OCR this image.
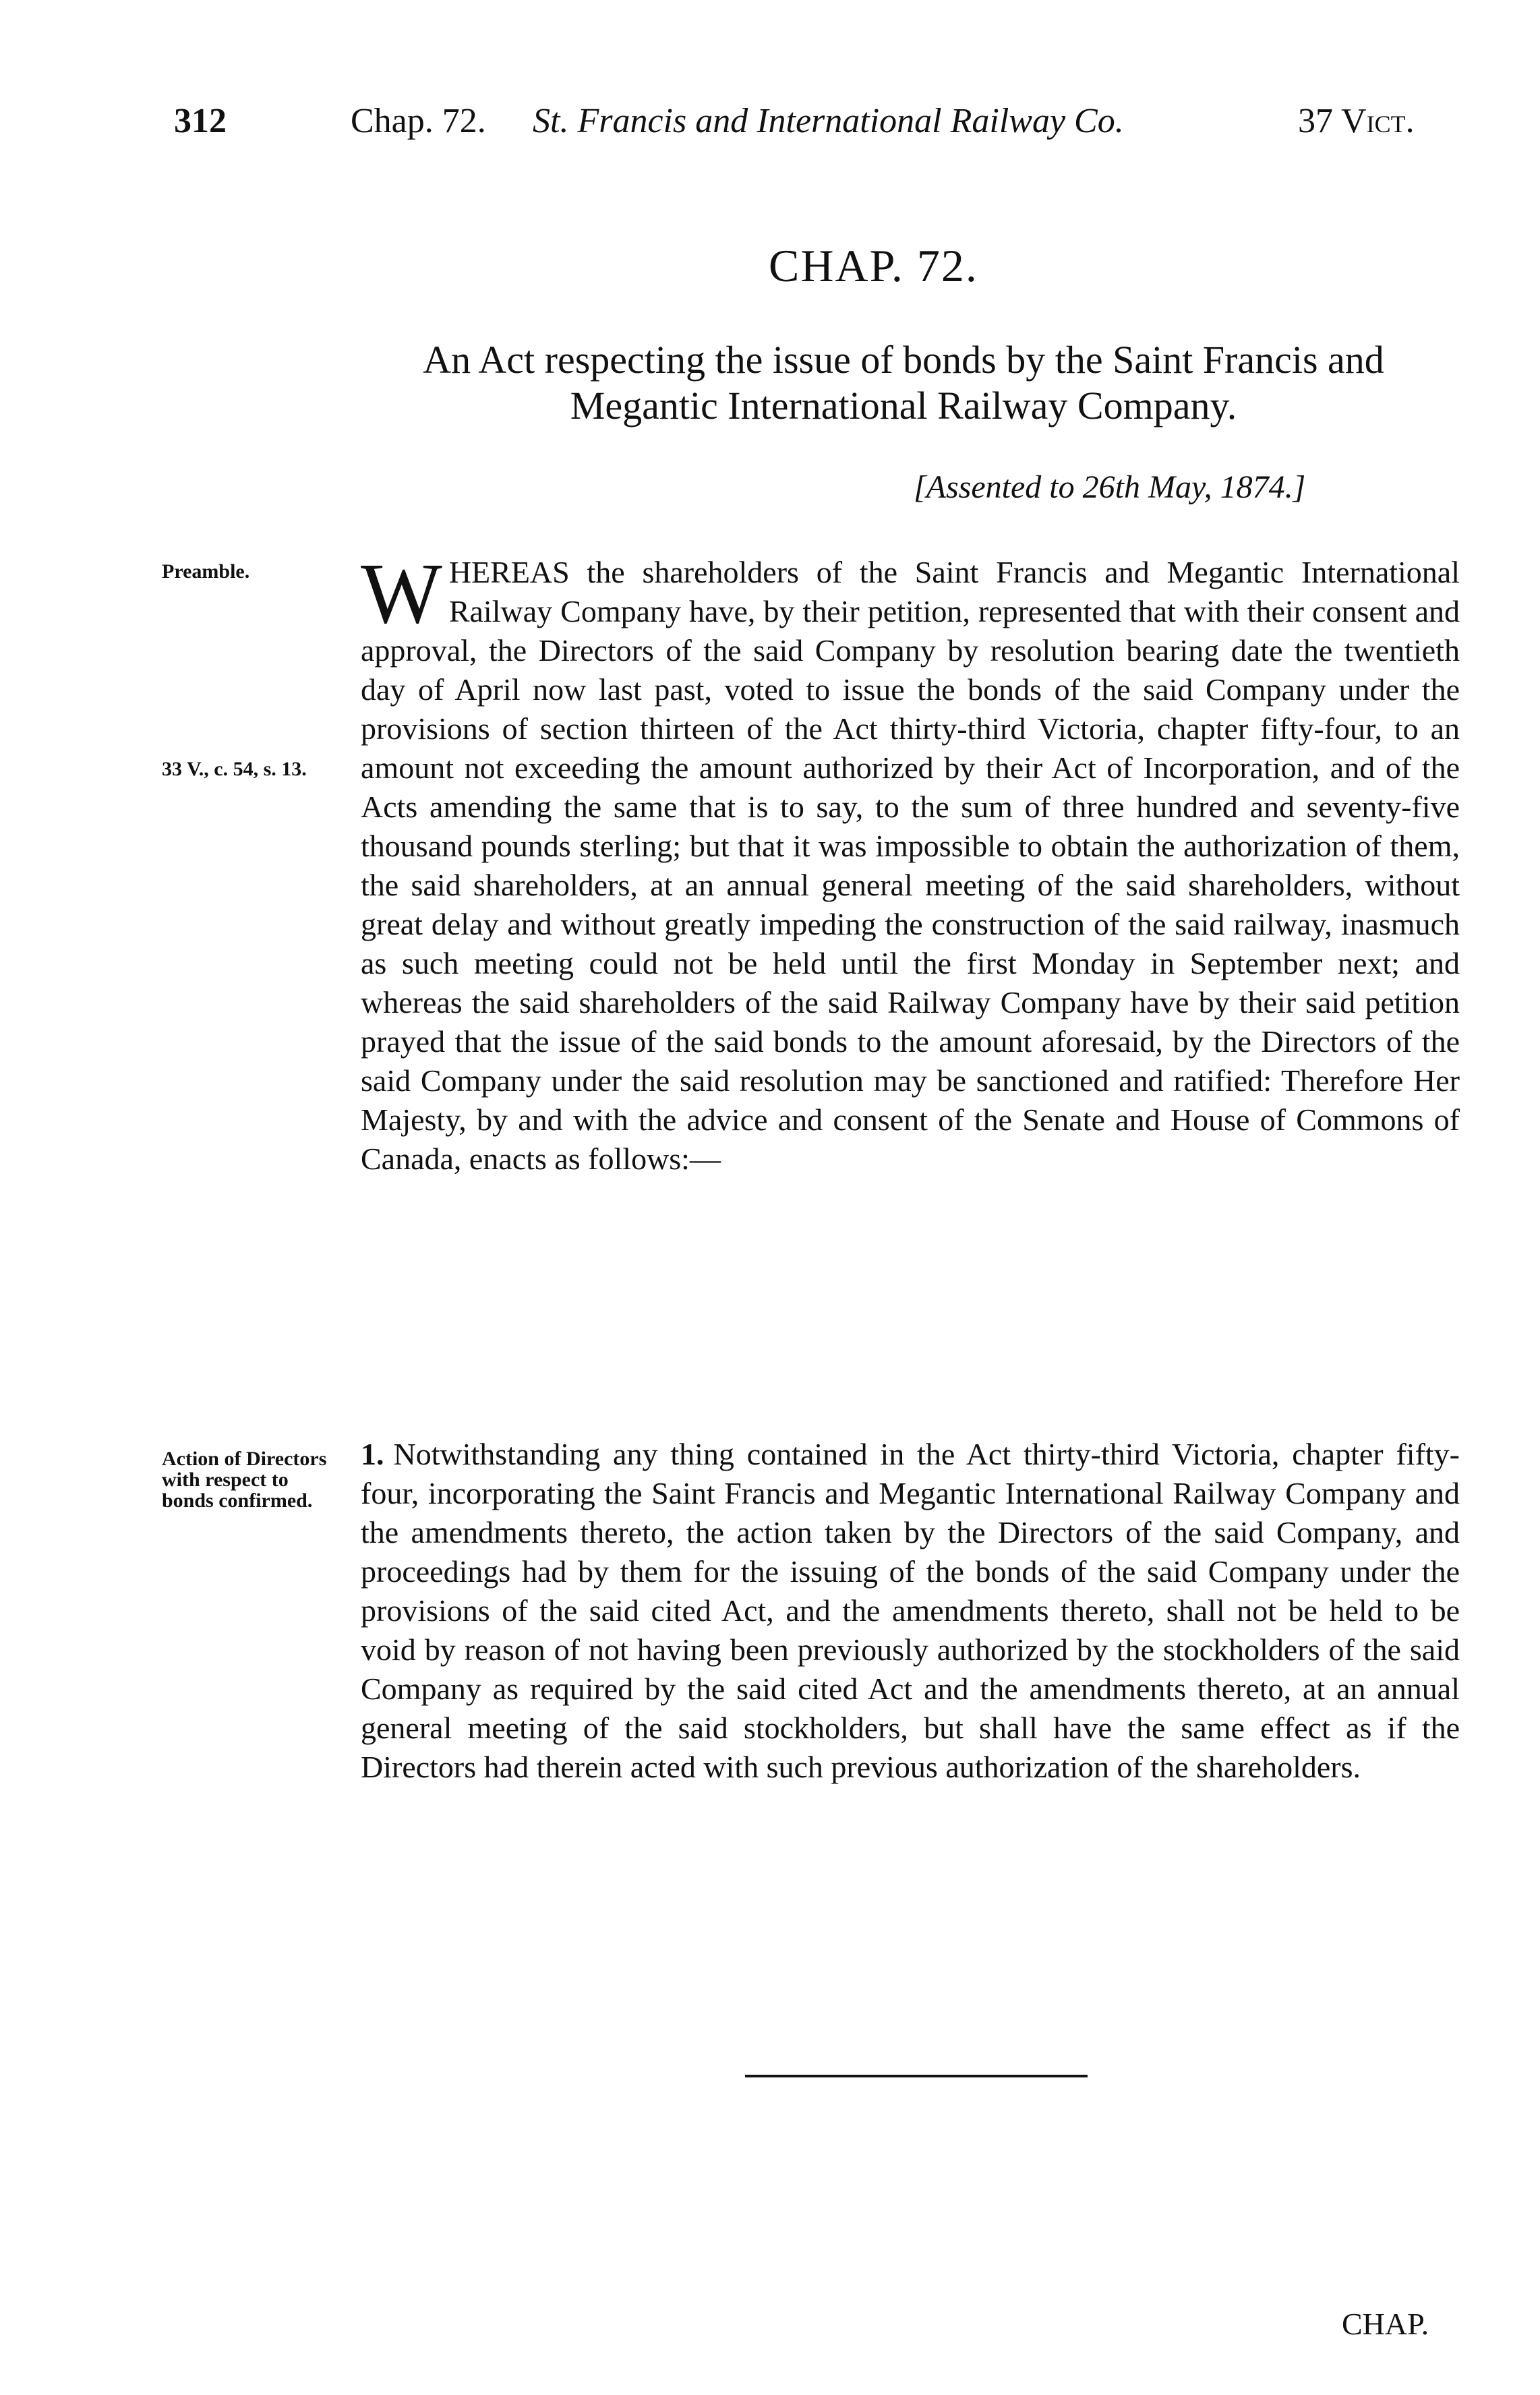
312	Chap. 72. St. Francis and International Railway Co.	37 Vict.
CHAP. 72.
An Act respecting the issue of bonds by the Saint Francis and Megantic International Railway Company.
[Assented to 26th May, 1874.]
Preamble.
33 V., c. 54, s. 13.
Action of Directors with respect to bonds confirmed.
WHEREAS the shareholders of the Saint Francis and Megantic International Railway Company have, by their petition, represented that with their consent and approval, the Directors of the said Company by resolution bearing date the twentieth day of April now last past, voted to issue the bonds of the said Company under the provisions of section thirteen of the Act thirty-third Victoria, chapter fifty-four, to an amount not exceeding the amount authorized by their Act of Incorporation, and of the Acts amending the same that is to say, to the sum of three hundred and seventy-five thousand pounds sterling; but that it was impossible to obtain the authorization of them, the said shareholders, at an annual general meeting of the said shareholders, without great delay and without greatly impeding the construction of the said railway, inasmuch as such meeting could not be held until the first Monday in September next; and whereas the said shareholders of the said Railway Company have by their said petition prayed that the issue of the said bonds to the amount aforesaid, by the Directors of the said Company under the said resolution may be sanctioned and ratified: Therefore Her Majesty, by and with the advice and consent of the Senate and House of Commons of Canada, enacts as follows:—
1. Notwithstanding any thing contained in the Act thirty-third Victoria, chapter fifty-four, incorporating the Saint Francis and Megantic International Railway Company and the amendments thereto, the action taken by the Directors of the said Company, and proceedings had by them for the issuing of the bonds of the said Company under the provisions of the said cited Act, and the amendments thereto, shall not be held to be void by reason of not having been previously authorized by the stockholders of the said Company as required by the said cited Act and the amendments thereto, at an annual general meeting of the said stockholders, but shall have the same effect as if the Directors had therein acted with such previous authorization of the shareholders.
CHAP.
